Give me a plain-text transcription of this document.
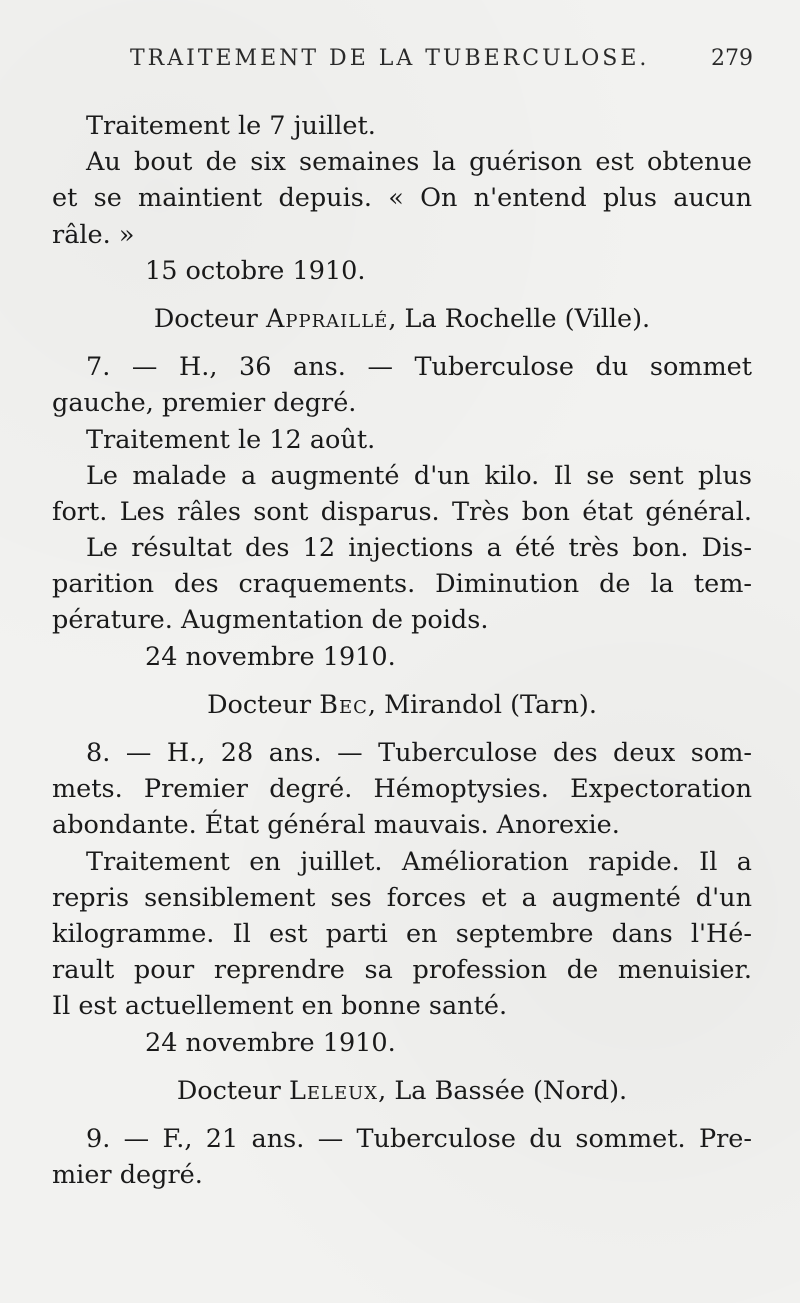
TRAITEMENT DE LA TUBERCULOSE.	279
Traitement le 7 juillet.
Au bout de six semaines la guérison est obtenue
et se maintient depuis. « On n'entend plus aucun
râle. »
15 octobre 1910.
Docteur Appraillé, La Rochelle (Ville).
7. — H., 36 ans. — Tuberculose du sommet
gauche, premier degré.
Traitement le 12 août.
Le malade a augmenté d'un kilo. Il se sent plus
fort. Les râles sont disparus. Très bon état général.
Le résultat des 12 injections a été très bon. Dis-
parition des craquements. Diminution de la tem-
pérature. Augmentation de poids.
24 novembre 1910.
Docteur Bec, Mirandol (Tarn).
8. — H., 28 ans. — Tuberculose des deux som-
mets. Premier degré. Hémoptysies. Expectoration
abondante. État général mauvais. Anorexie.
Traitement en juillet. Amélioration rapide. Il a
repris sensiblement ses forces et a augmenté d'un
kilogramme. Il est parti en septembre dans l'Hé-
rault pour reprendre sa profession de menuisier.
Il est actuellement en bonne santé.
24 novembre 1910.
Docteur Leleux, La Bassée (Nord).
9. — F., 21 ans. — Tuberculose du sommet. Pre-
mier degré.
